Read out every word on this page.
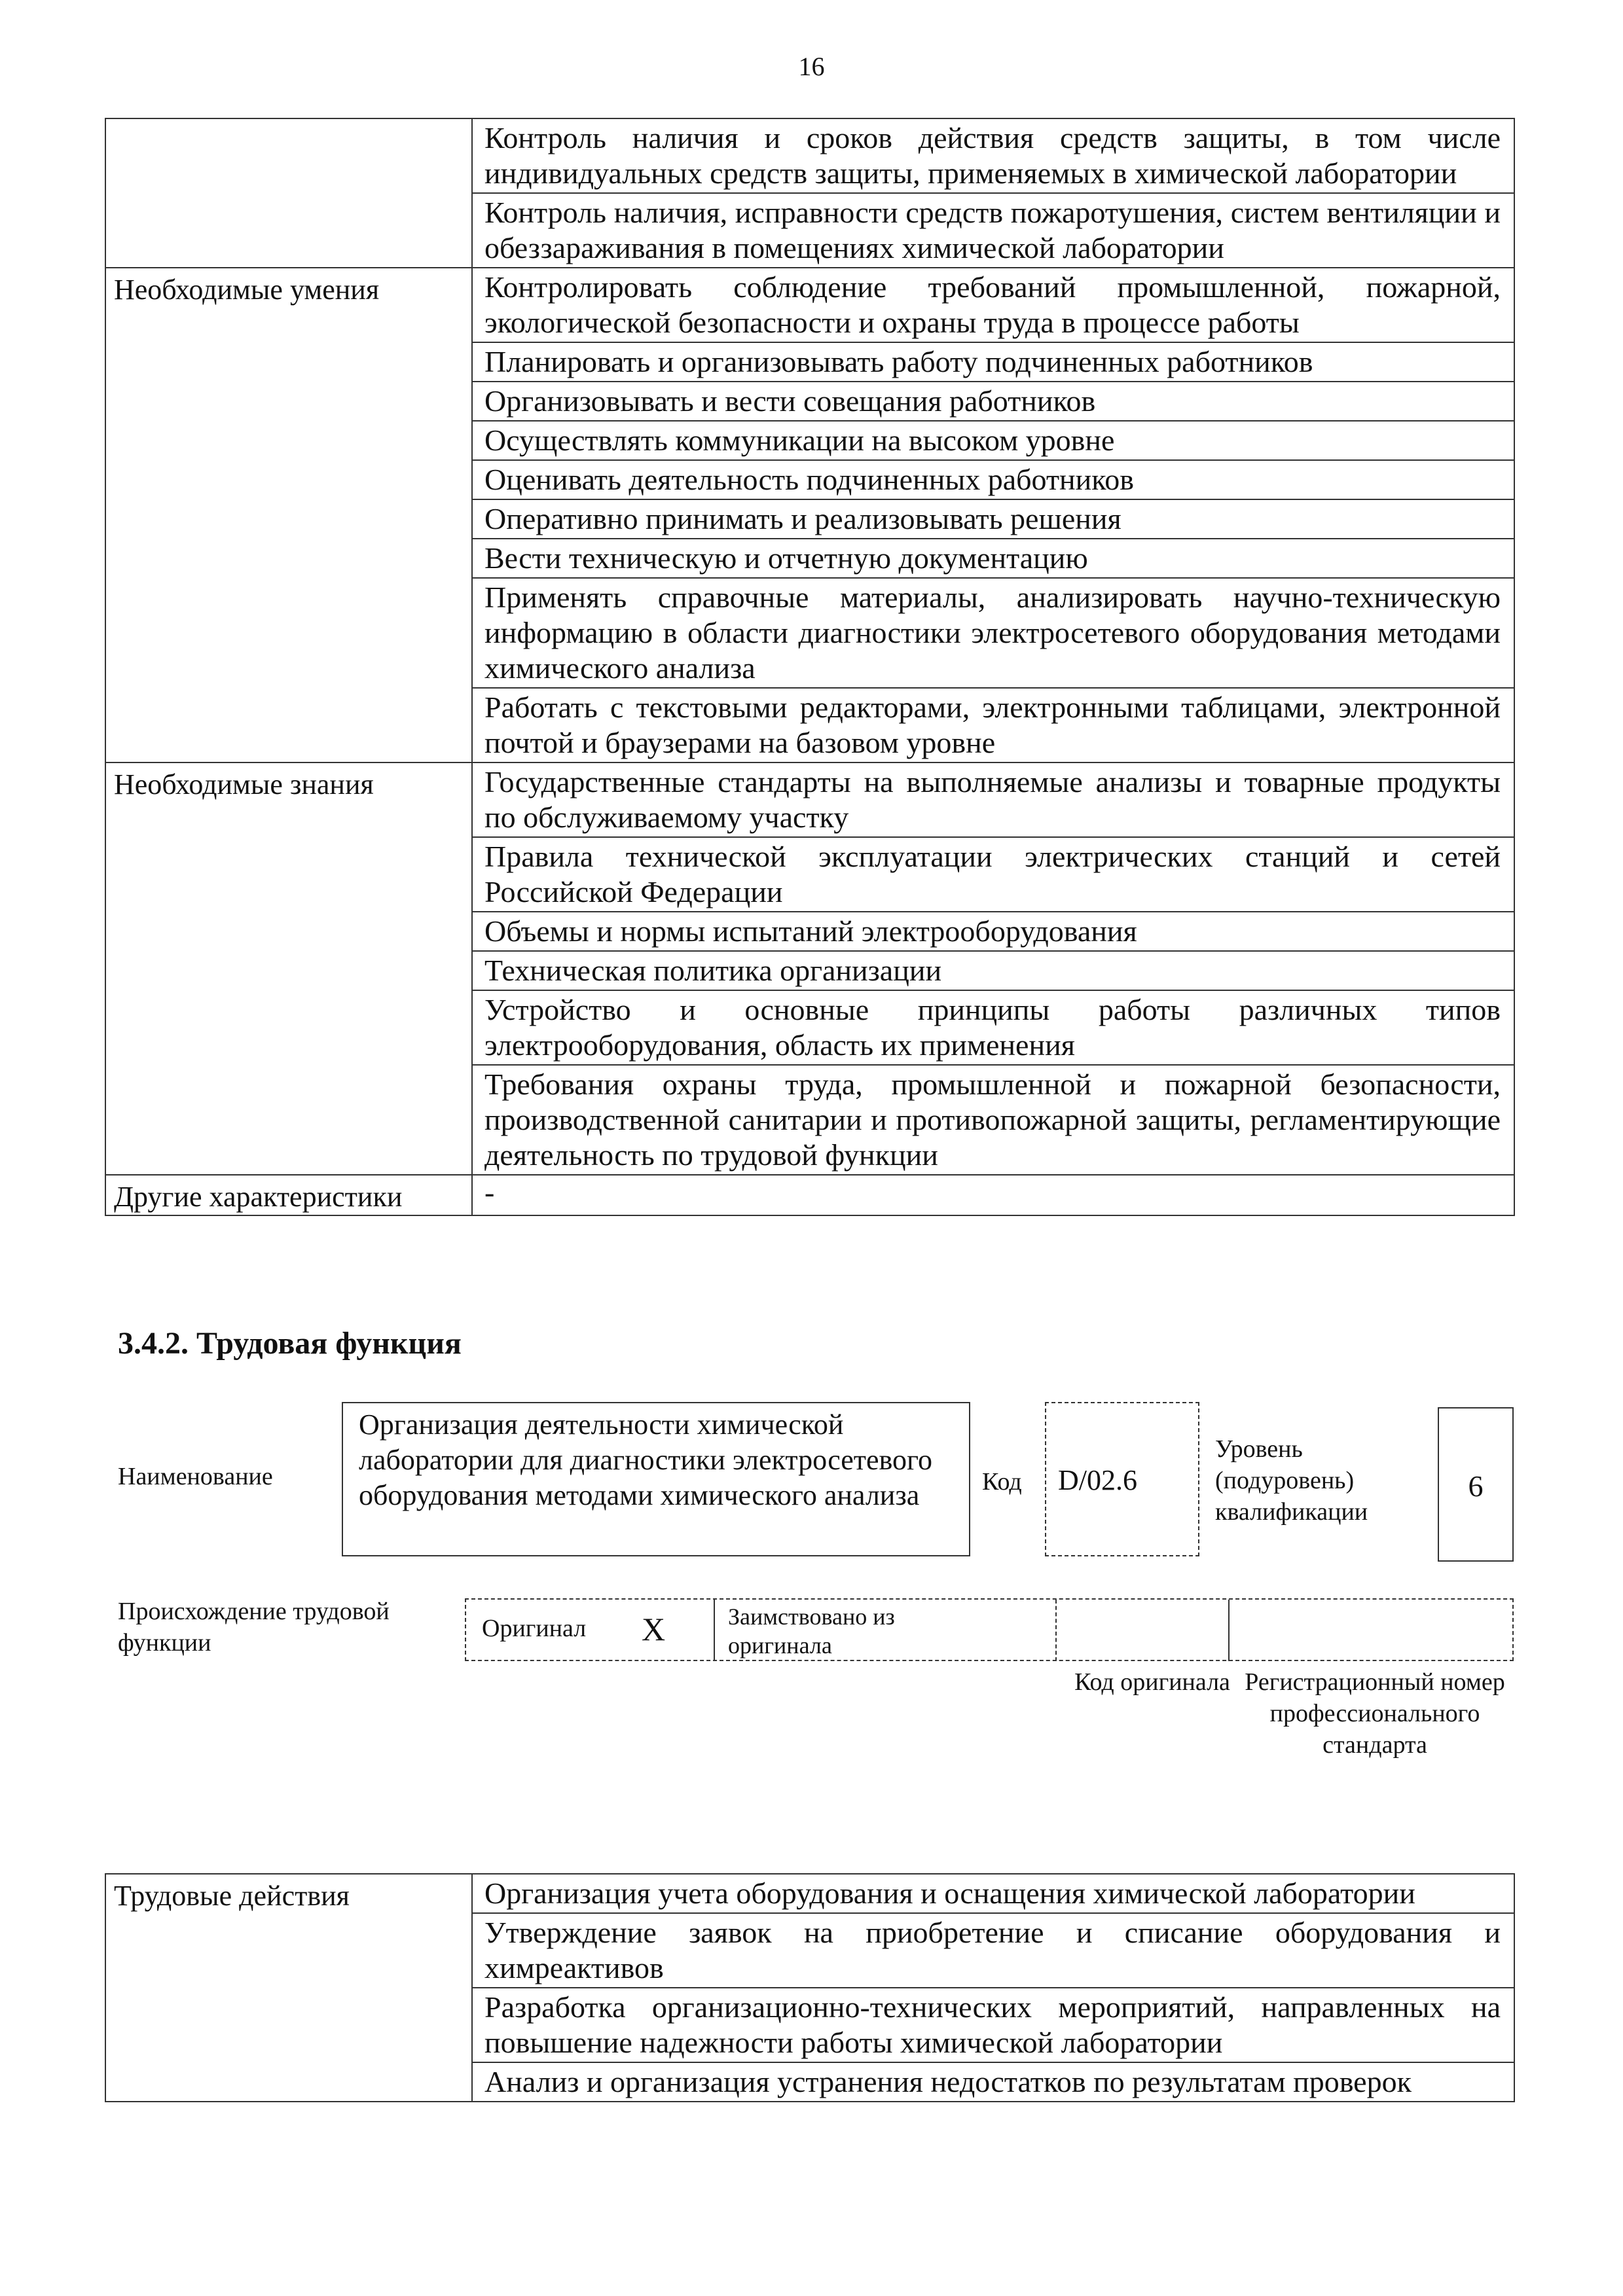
16
	Контроль наличия и сроков действия средств защиты, в том числе индивидуальных средств защиты, применяемых в химической лаборатории
	Контроль наличия, исправности средств пожаротушения, систем вентиляции и обеззараживания в помещениях химической лаборатории
Необходимые умения	Контролировать соблюдение требований промышленной, пожарной, экологической безопасности и охраны труда в процессе работы
	Планировать и организовывать работу подчиненных работников
	Организовывать и вести совещания работников
	Осуществлять коммуникации на высоком уровне
	Оценивать деятельность подчиненных работников
	Оперативно принимать и реализовывать решения
	Вести техническую и отчетную документацию
	Применять справочные материалы, анализировать научно-техническую информацию в области диагностики электросетевого оборудования методами химического анализа
	Работать с текстовыми редакторами, электронными таблицами, электронной почтой и браузерами на базовом уровне
Необходимые знания	Государственные стандарты на выполняемые анализы и товарные продукты по обслуживаемому участку
	Правила технической эксплуатации электрических станций и сетей Российской Федерации
	Объемы и нормы испытаний электрооборудования
	Техническая политика организации
	Устройство и основные принципы работы различных типов электрооборудования, область их применения
	Требования охраны труда, промышленной и пожарной безопасности, производственной санитарии и противопожарной защиты, регламентирующие деятельность по трудовой функции
Другие характеристики	-
3.4.2. Трудовая функция
Наименование
Организация деятельности химической лаборатории для диагностики электросетевого оборудования методами химического анализа	Код D/02.6
Уровень (подуровень) квалификации
6
Происхождение трудовой функции
Оригинал X	Заимствовано из оригинала
Код оригинала Регистрационный номер профессионального стандарта
Трудовые действия	Организация учета оборудования и оснащения химической лаборатории
Утверждение заявок на приобретение и списание оборудования и химреактивов
Разработка организационно-технических мероприятий, направленных на повышение надежности работы химической лаборатории
Анализ и организация устранения недостатков по результатам проверок
